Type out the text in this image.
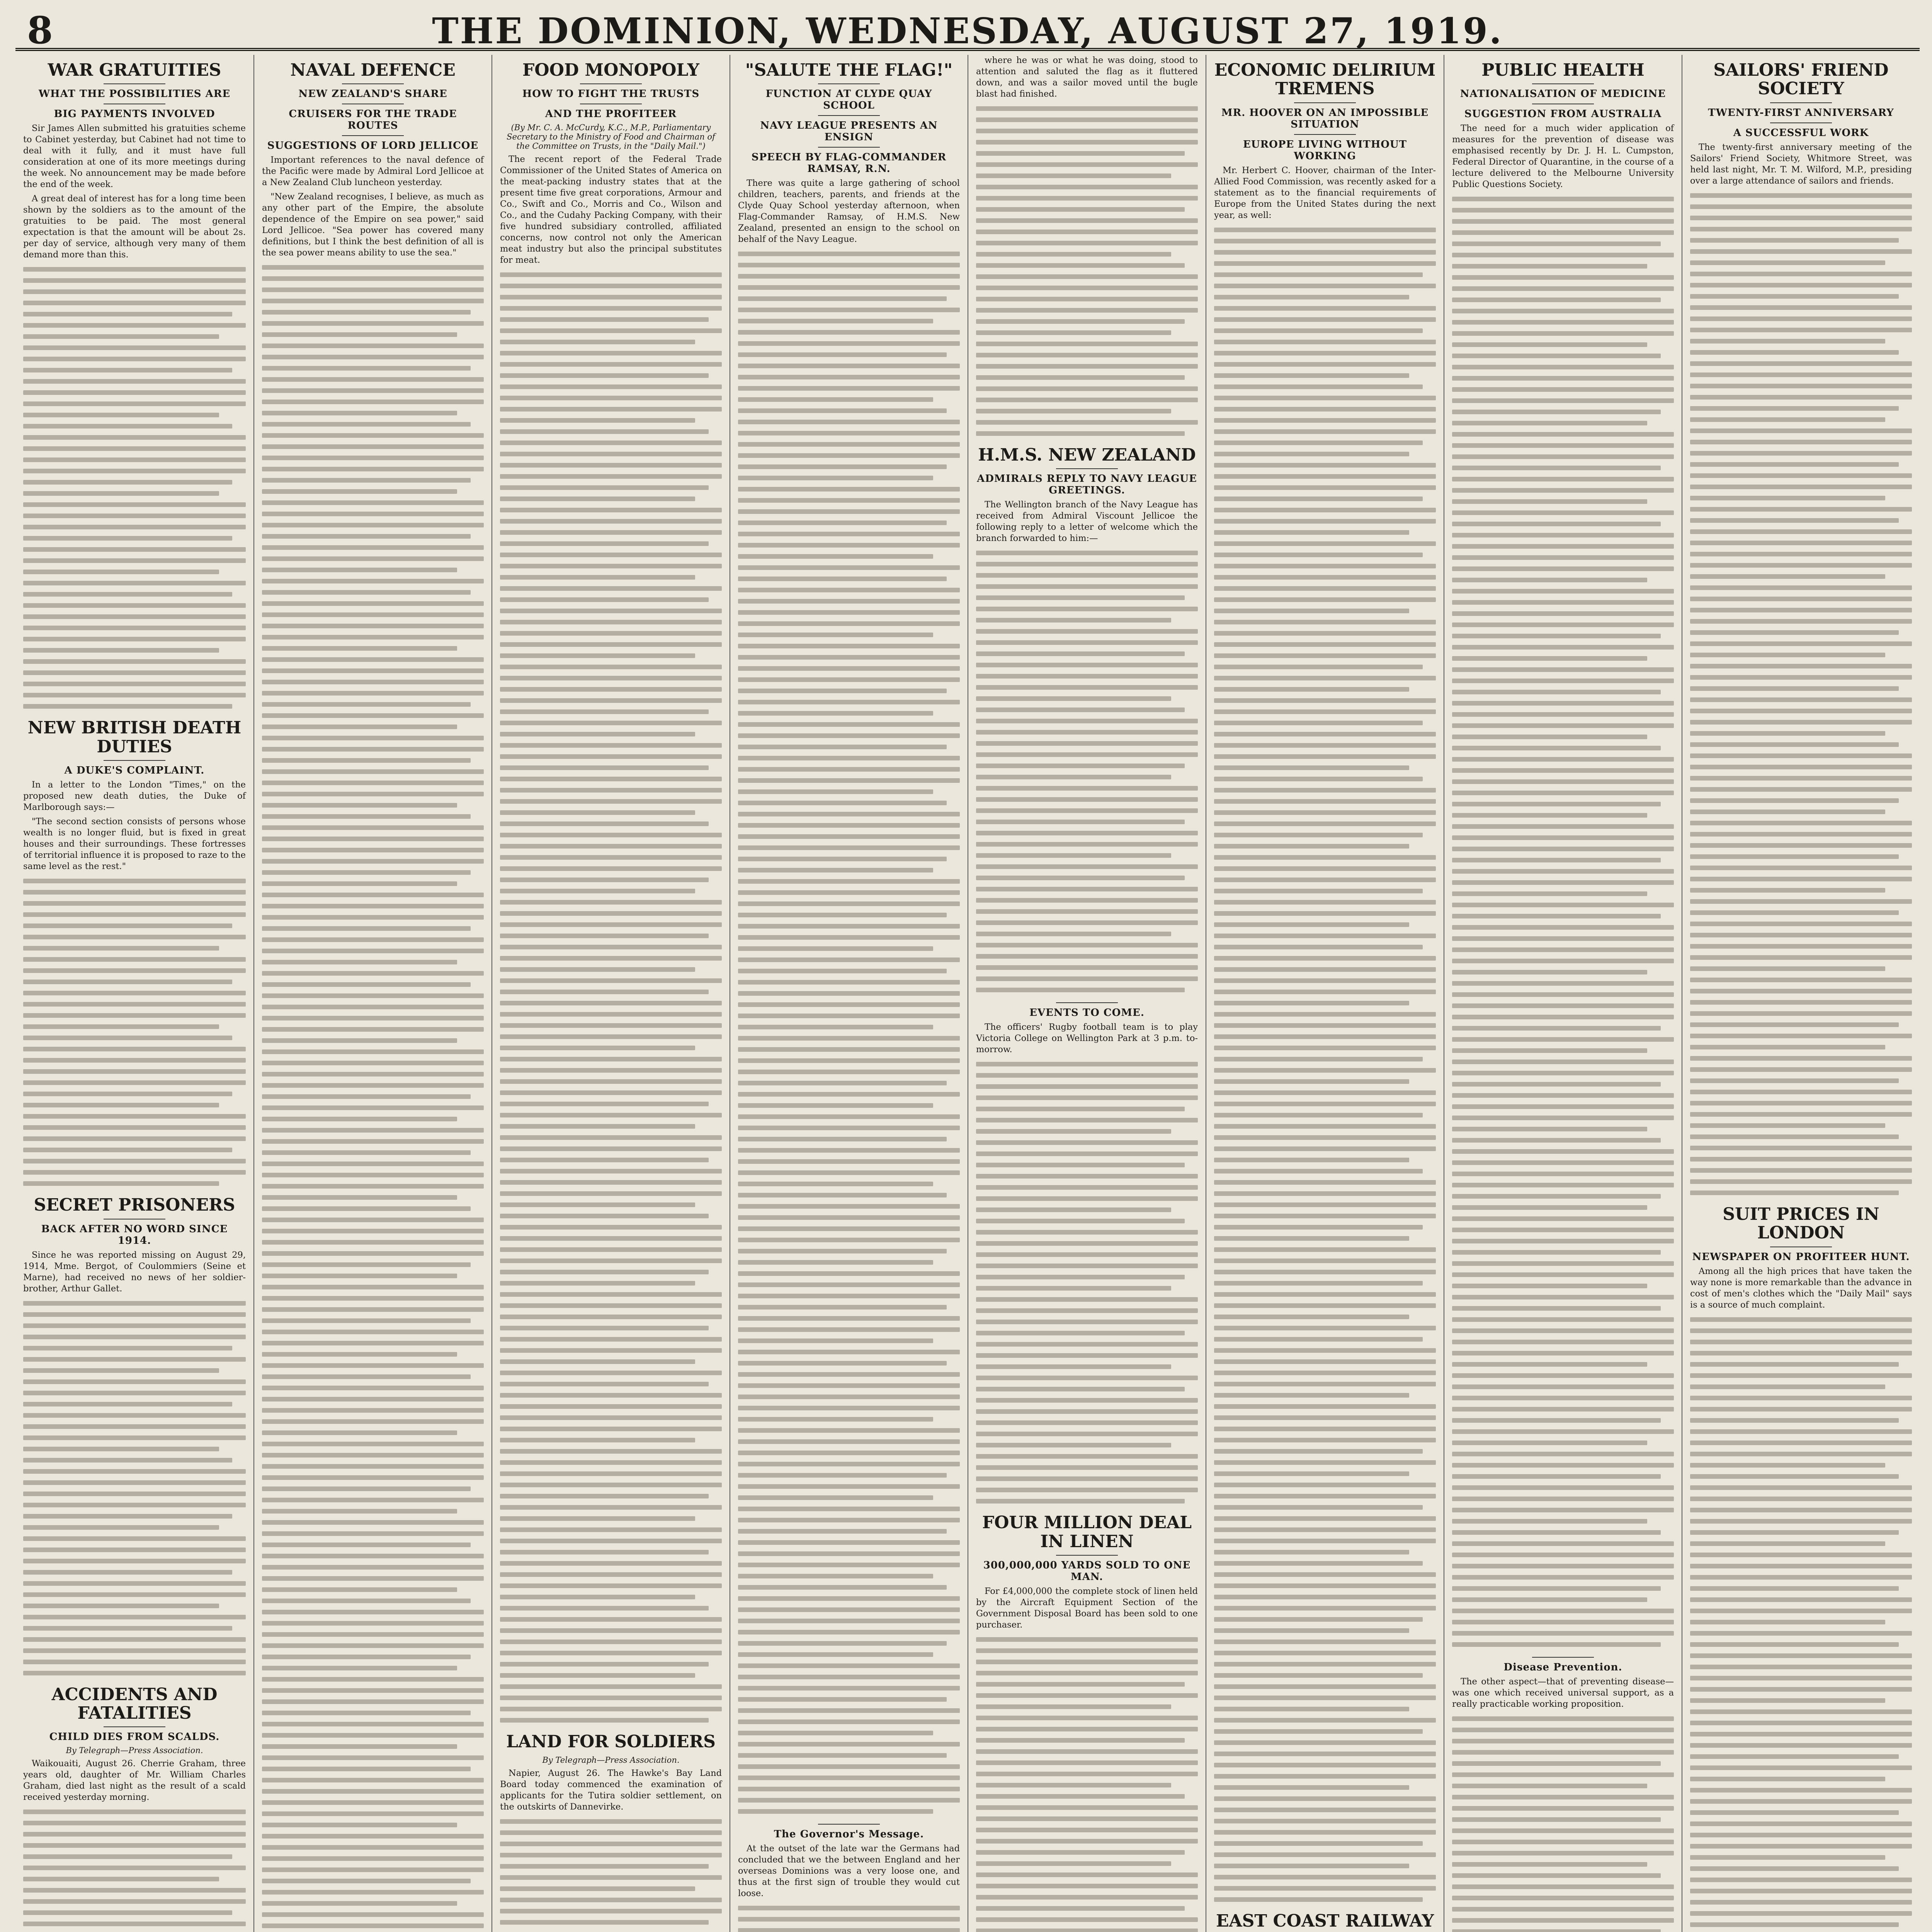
8	THE DOMINION, WEDNESDAY, AUGUST 27, 1919.
WAR GRATUITIES
WHAT THE POSSIBILITIES ARE
BIG PAYMENTS INVOLVED

Sir James Allen submitted his gratuities scheme to Cabinet yesterday, but Cabinet had not time to deal with it fully, and it must have full consideration at one of its more meetings during the week. No announcement may be made before the end of the week.

A great deal of interest has for a long time been shown by the soldiers as to the amount of the gratuities to be paid. The most general expectation is that the amount will be about 2s. per day of service, although very many of them demand more than this.

NEW BRITISH DEATH DUTIES
A DUKE'S COMPLAINT.

In a letter to the London "Times," on the proposed new death duties, the Duke of Marlborough says:—

"The second section consists of persons whose wealth is no longer fluid, but is fixed in great houses and their surroundings. These fortresses of territorial influence it is proposed to raze to the same level as the rest."

SECRET PRISONERS
BACK AFTER NO WORD SINCE 1914.

Since he was reported missing on August 29, 1914, Mme. Bergot, of Coulommiers (Seine et Marne), had received no news of her soldier-brother, Arthur Gallet.

ACCIDENTS AND FATALITIES
CHILD DIES FROM SCALDS.
By Telegraph—Press Association.

Waikouaiti, August 26. Cherrie Graham, three years old, daughter of Mr. William Charles Graham, died last night as the result of a scald received yesterday morning.

NAVAL DEFENCE
NEW ZEALAND'S SHARE
CRUISERS FOR THE TRADE ROUTES
SUGGESTIONS OF LORD JELLICOE

Important references to the naval defence of the Pacific were made by Admiral Lord Jellicoe at a New Zealand Club luncheon yesterday.

"New Zealand recognises, I believe, as much as any other part of the Empire, the absolute dependence of the Empire on sea power," said Lord Jellicoe. "Sea power has covered many definitions, but I think the best definition of all is the sea power means ability to use the sea."

FOOD MONOPOLY
HOW TO FIGHT THE TRUSTS
AND THE PROFITEER
(By Mr. C. A. McCurdy, K.C., M.P., Parliamentary Secretary to the Ministry of Food and Chairman of the Committee on Trusts, in the "Daily Mail.")

The recent report of the Federal Trade Commissioner of the United States of America on the meat-packing industry states that at the present time five great corporations, Armour and Co., Swift and Co., Morris and Co., Wilson and Co., and the Cudahy Packing Company, with their five hundred subsidiary controlled, affiliated concerns, now control not only the American meat industry but also the principal substitutes for meat.

LAND FOR SOLDIERS
By Telegraph—Press Association.

Napier, August 26. The Hawke's Bay Land Board today commenced the examination of applicants for the Tutira soldier settlement, on the outskirts of Dannevirke.

"SALUTE THE FLAG!"
FUNCTION AT CLYDE QUAY SCHOOL
NAVY LEAGUE PRESENTS AN ENSIGN
SPEECH BY FLAG-COMMANDER RAMSAY, R.N.

There was quite a large gathering of school children, teachers, parents, and friends at the Clyde Quay School yesterday afternoon, when Flag-Commander Ramsay, of H.M.S. New Zealand, presented an ensign to the school on behalf of the Navy League.

The Governor's Message.

At the outset of the late war the Germans had concluded that we the between England and her overseas Dominions was a very loose one, and thus at the first sign of trouble they would cut loose.

where he was or what he was doing, stood to attention and saluted the flag as it fluttered down, and was a sailor moved until the bugle blast had finished.

H.M.S. NEW ZEALAND
ADMIRALS REPLY TO NAVY LEAGUE GREETINGS.

The Wellington branch of the Navy League has received from Admiral Viscount Jellicoe the following reply to a letter of welcome which the branch forwarded to him:—

EVENTS TO COME.

The officers' Rugby football team is to play Victoria College on Wellington Park at 3 p.m. to-morrow.

FOUR MILLION DEAL IN LINEN
300,000,000 YARDS SOLD TO ONE MAN.

For £4,000,000 the complete stock of linen held by the Aircraft Equipment Section of the Government Disposal Board has been sold to one purchaser.

ECONOMIC DELIRIUM TREMENS
MR. HOOVER ON AN IMPOSSIBLE SITUATION
EUROPE LIVING WITHOUT WORKING

Mr. Herbert C. Hoover, chairman of the Inter-Allied Food Commission, was recently asked for a statement as to the financial requirements of Europe from the United States during the next year, as well:

EAST COAST RAILWAY

PUBLIC HEALTH
NATIONALISATION OF MEDICINE
SUGGESTION FROM AUSTRALIA

The need for a much wider application of measures for the prevention of disease was emphasised recently by Dr. J. H. L. Cumpston, Federal Director of Quarantine, in the course of a lecture delivered to the Melbourne University Public Questions Society.

Disease Prevention.

The other aspect—that of preventing disease—was one which received universal support, as a really practicable working proposition.

SAILORS' FRIEND SOCIETY
TWENTY-FIRST ANNIVERSARY
A SUCCESSFUL WORK

The twenty-first anniversary meeting of the Sailors' Friend Society, Whitmore Street, was held last night, Mr. T. M. Wilford, M.P., presiding over a large attendance of sailors and friends.

SUIT PRICES IN LONDON
NEWSPAPER ON PROFITEER HUNT.

Among all the high prices that have taken the way none is more remarkable than the advance in cost of men's clothes which the "Daily Mail" says is a source of much complaint.
